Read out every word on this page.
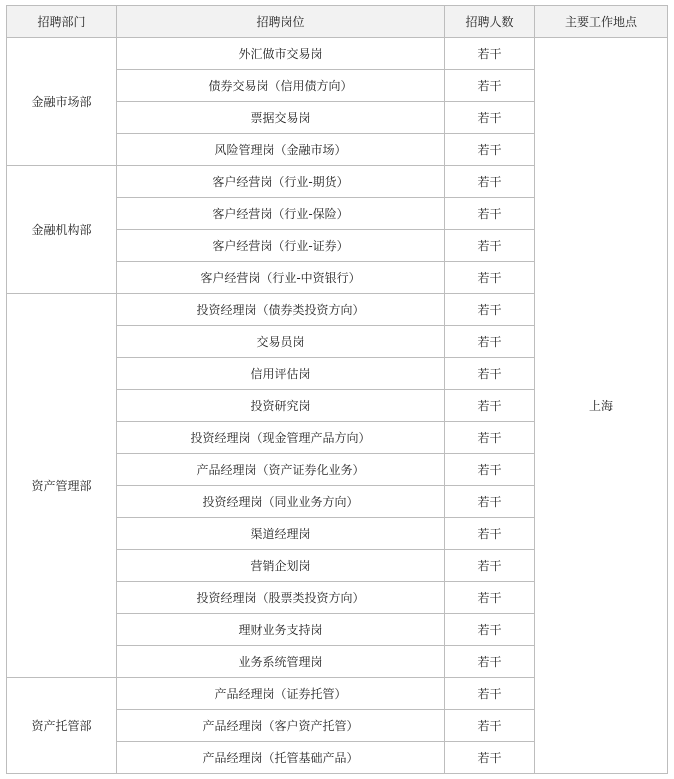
招聘部门	招聘岗位	招聘人数	主要工作地点
金融市场部	外汇做市交易岗	若干	上海
	债券交易岗（信用债方向）	若干	
	票据交易岗	若干	
	风险管理岗（金融市场）	若干	
金融机构部	客户经营岗（行业-期货）	若干	
	客户经营岗（行业-保险）	若干	
	客户经营岗（行业-证券）	若干	
	客户经营岗（行业-中资银行）	若干	
资产管理部	投资经理岗（债券类投资方向）	若干	
	交易员岗	若干	
	信用评估岗	若干	
	投资研究岗	若干	
	投资经理岗（现金管理产品方向）	若干	
	产品经理岗（资产证券化业务）	若干	
	投资经理岗（同业业务方向）	若干	
	渠道经理岗	若干	
	营销企划岗	若干	
	投资经理岗（股票类投资方向）	若干	
	理财业务支持岗	若干	
	业务系统管理岗	若干	
资产托管部	产品经理岗（证券托管）	若干	
	产品经理岗（客户资产托管）	若干	
	产品经理岗（托管基础产品）	若干	
